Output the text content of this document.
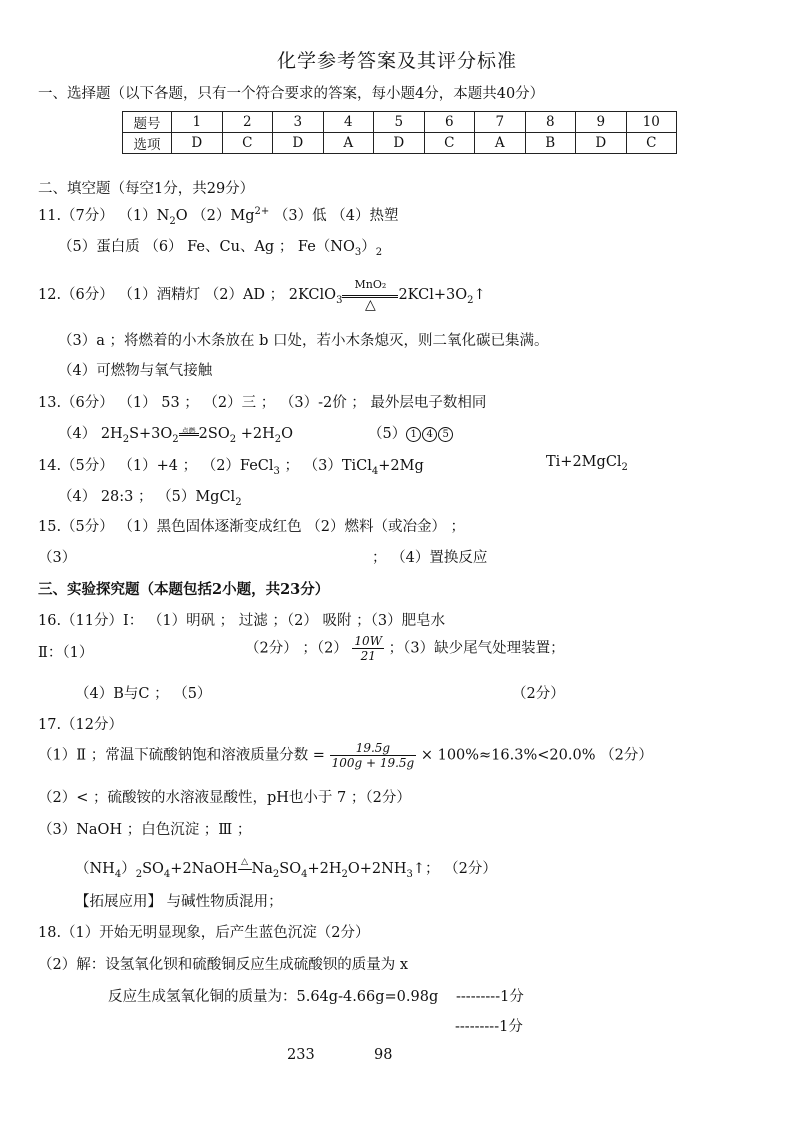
化学参考答案及其评分标准
一、选择题（以下各题，只有一个符合要求的答案，每小题4分，本题共40分）
题号	1	2	3	4	5	6	7	8	9	10
选项	D	C	D	A	D	C	A	B	D	C
二、填空题（每空1分，共29分）
11.（7分） $(1)N_2O$ $(2)Mg^{2+}$ （3）低 （4）热塑
（5）蛋白质 （6） Fe、Cu、Ag ； $Fe(NO_3)_2$
12.（6分） （1）酒精灯 （2）AD ； 2KClO$_3$
MnO₂
△
$2KCl+3O_2↑$
（3）a ；将燃着的小木条放在 b 口处，若小木条熄灭，则二氧化碳已集满。
（4）可燃物与氧气接触
13.（6分） （1） 53 ； （2）三 ； （3）-2价 ； 最外层电子数相同
（4） $2H_2S+3O_2$
点燃 $2SO_2 +2H_2O$	（5） 1 4 5
14.（5分） （1）+4 ； （2）FeCl$_3$ ； （3）TiCl$_4$+2Mg	Ti+2MgCl$_2$
（4） 28:3 ； （5）MgCl$_2$
15.（5分） （1）黑色固体逐渐变成红色 （2）燃料（或冶金） ；
（3）	； （4）置换反应
三、实验探究题（本题包括2小题，共23分）
16.（11分）I： （1）明矾 ； 过滤 ；（2） 吸附 ；（3）肥皂水
Ⅱ：（1）	（2分） ；$(2) \frac{10W}{21}$ ；（3）缺少尾气处理装置；
（4）B与C ； （5）	（2分）
17.（12分）
（1）Ⅱ ；常温下硫酸钠饱和溶液质量分数 = $\frac{19.5g}{100g + 19.5g} \times 100\%\approx 16.3\%<20.0\%$ （2分）
（2）< ；硫酸铵的水溶液显酸性，pH也小于 7 ；（2分）
（3）NaOH ；白色沉淀 ；Ⅲ ；
$(NH_4)_2SO_4+2NaOH$ △ $Na_2SO_4+2H_2O+2NH_3↑$； （2分）
【拓展应用】 与碱性物质混用；
18.（1）开始无明显现象，后产生蓝色沉淀（2分）
（2）解：设氢氧化钡和硫酸铜反应生成硫酸钡的质量为 x
反应生成氢氧化铜的质量为：5.64g-4.66g=0.98g ---------1分
---------1分
233	98
